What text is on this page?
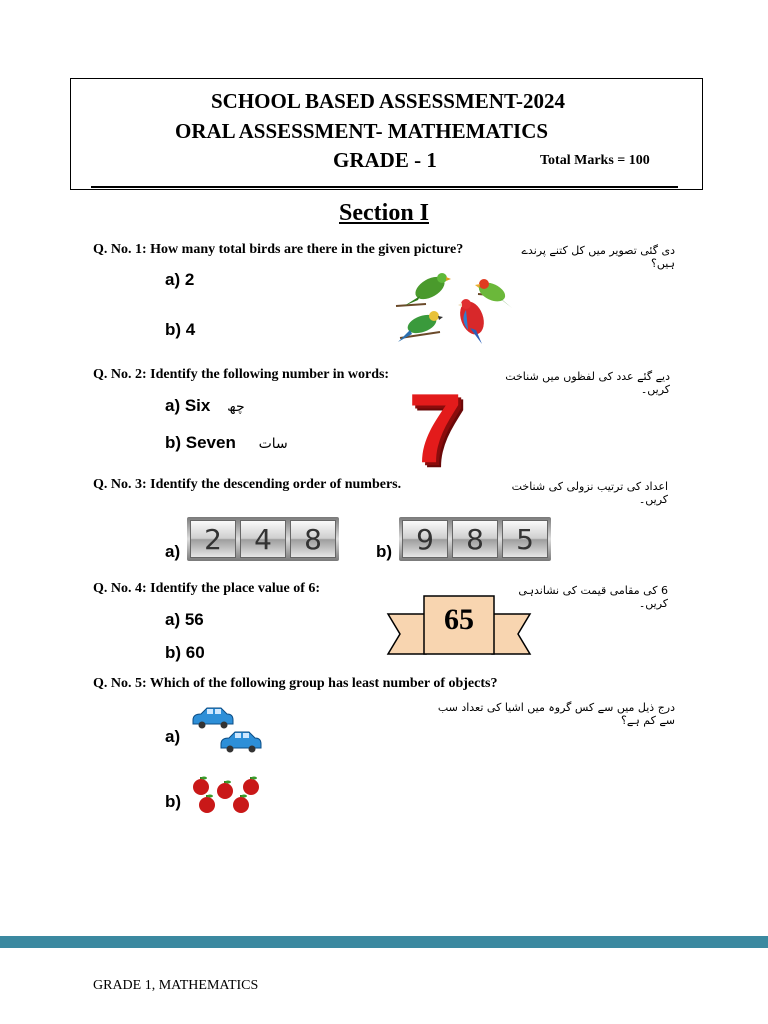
SCHOOL BASED ASSESSMENT-2024
ORAL ASSESSMENT- MATHEMATICS
GRADE - 1	Total Marks = 100
Section I
Q. No. 1: How many total birds are there in the given picture?	دی گئی تصویر میں کل کتنے پرندے ہیں؟
a) 2
b) 4
Q. No. 2: Identify the following number in words:	دیے گئے عدد کی لفظوں میں شناخت کریں۔
a) Six چھ
b) Seven سات 7
Q. No. 3: Identify the descending order of numbers.	اعداد کی ترتیب نزولی کی شناخت کریں۔
a) 2	4	8	b) 9	8	5
Q. No. 4: Identify the place value of 6:	6 کی مقامی قیمت کی نشاندہی کریں۔
a) 56
b) 60
65
Q. No. 5: Which of the following group has least number of objects?
درج ذیل میں سے کس گروہ میں اشیا کی تعداد سب سے کم ہے؟
a)
b)
GRADE 1, MATHEMATICS
